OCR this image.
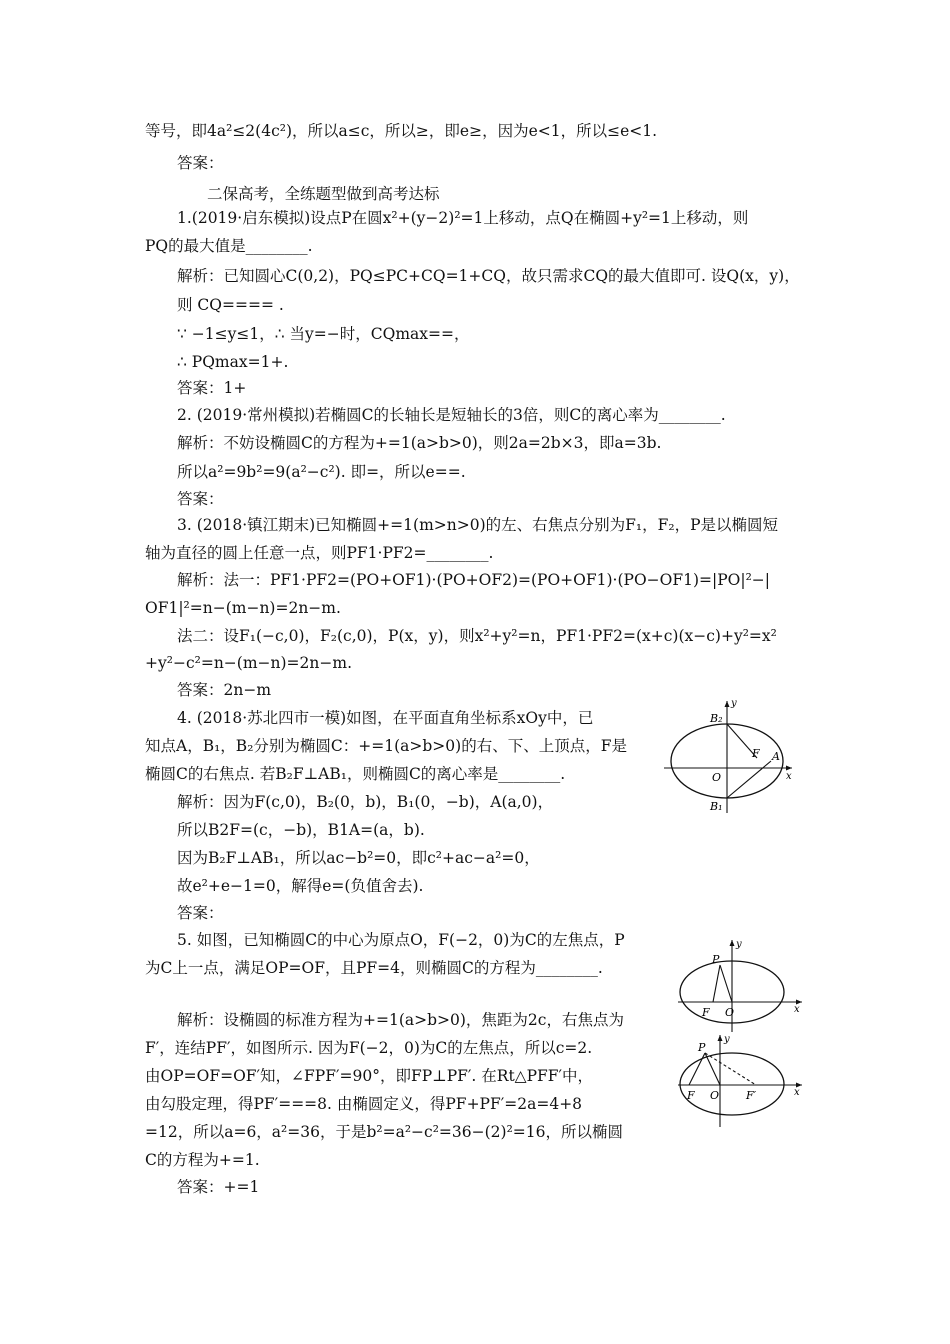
等号，即4a²≤2(4c²)，所以a≤c，所以≥，即e≥，因为e<1，所以≤e<1.
答案：
二保高考，全练题型做到高考达标
1.(2019·启东模拟)设点P在圆x²+(y−2)²=1上移动，点Q在椭圆+y²=1上移动，则
PQ的最大值是________.
解析：已知圆心C(0,2)，PQ≤PC+CQ=1+CQ，故只需求CQ的最大值即可. 设Q(x，y)，
则 CQ==== .
∵ −1≤y≤1，∴ 当y=−时，CQmax==，
∴ PQmax=1+.
答案：1+
2. (2019·常州模拟)若椭圆C的长轴长是短轴长的3倍，则C的离心率为________.
解析：不妨设椭圆C的方程为+=1(a>b>0)，则2a=2b×3，即a=3b.
所以a²=9b²=9(a²−c²). 即=，所以e==.
答案：
3. (2018·镇江期末)已知椭圆+=1(m>n>0)的左、右焦点分别为F₁，F₂，P是以椭圆短
轴为直径的圆上任意一点，则PF1·PF2=________.
解析：法一：PF1·PF2=(PO+OF1)·(PO+OF2)=(PO+OF1)·(PO−OF1)=|PO|²−|
OF1|²=n−(m−n)=2n−m.
法二：设F₁(−c,0)，F₂(c,0)，P(x，y)，则x²+y²=n，PF1·PF2=(x+c)(x−c)+y²=x²
+y²−c²=n−(m−n)=2n−m.
答案：2n−m
4. (2018·苏北四市一模)如图，在平面直角坐标系xOy中，已
知点A，B₁，B₂分别为椭圆C：+=1(a>b>0)的右、下、上顶点，F是
椭圆C的右焦点. 若B₂F⊥AB₁，则椭圆C的离心率是________.
解析：因为F(c,0)，B₂(0，b)，B₁(0，−b)，A(a,0)，
所以B2F=(c，−b)，B1A=(a，b).
因为B₂F⊥AB₁，所以ac−b²=0，即c²+ac−a²=0，
故e²+e−1=0，解得e=(负值舍去).
答案：
5. 如图，已知椭圆C的中心为原点O，F(−2，0)为C的左焦点，P
为C上一点，满足OP=OF，且PF=4，则椭圆C的方程为________.
解析：设椭圆的标准方程为+=1(a>b>0)，焦距为2c，右焦点为
F′，连结PF′，如图所示. 因为F(−2，0)为C的左焦点，所以c=2.
由OP=OF=OF′知，∠FPF′=90°，即FP⊥PF′. 在Rt△PFF′中，
由勾股定理，得PF′===8. 由椭圆定义，得PF+PF′=2a=4+8
=12，所以a=6，a²=36，于是b²=a²−c²=36−(2)²=16，所以椭圆
C的方程为+=1.
答案：+=1
y
B₂
F A
x
O
B₁
y
P
F O	x
y
P
F O F′	x
